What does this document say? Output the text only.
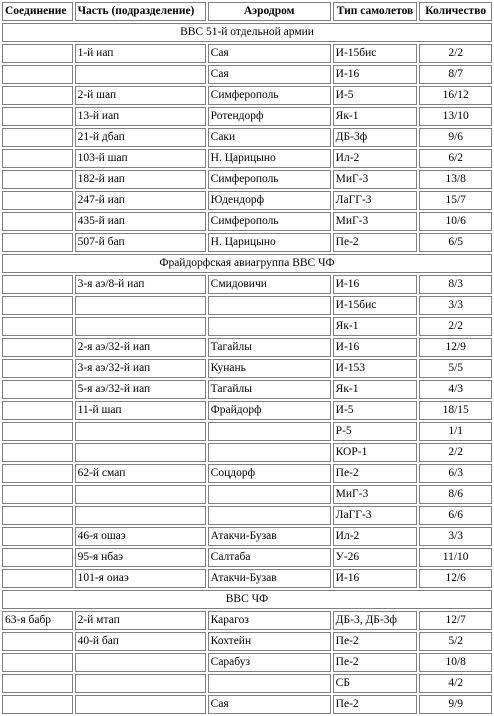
Соединение	Часть (подразделение)	Аэродром	Тип самолетов	Количество
ВВС 51-й отдельной армии				
	1-й иап	Сая	И-15бис	2/2
		Сая	И-16	8/7
	2-й шап	Симферополь	И-5	16/12
	13-й иап	Ротендорф	Як-1	13/10
	21-й дбап	Саки	ДБ-3ф	9/6
	103-й шап	Н. Царицыно	Ил-2	6/2
	182-й иап	Симферополь	МиГ-3	13/8
	247-й иап	Юдендорф	ЛаГГ-3	15/7
	435-й иап	Симферополь	МиГ-3	10/6
	507-й бап	Н. Царицыно	Пе-2	6/5
Фрайдорфская авиагруппа ВВС ЧФ				
	3-я аэ/8-й иап	Смидовичи	И-16	8/3
			И-15бис	3/3
			Як-1	2/2
	2-я аэ/32-й иап	Тагайлы	И-16	12/9
	3-я аэ/32-й иап	Кунань	И-153	5/5
	5-я аэ/32-й иап	Тагайлы	Як-1	4/3
	11-й шап	Фрайдорф	И-5	18/15
			Р-5	1/1
			КОР-1	2/2
	62-й смап	Соцдорф	Пе-2	6/3
			МиГ-3	8/6
			ЛаГГ-3	6/6
	46-я ошаэ	Атакчи-Бузав	Ил-2	3/3
	95-я нбаэ	Салтаба	У-26	11/10
	101-я оиаэ	Атакчи-Бузав	И-16	12/6
ВВС ЧФ				
63-я бабр	2-й мтап	Карагоз	ДБ-3, ДБ-3ф	12/7
	40-й бап	Кохтейн	Пе-2	5/2
		Сарабуз	Пе-2	10/8
			СБ	4/2
		Сая	Пе-2	9/9
